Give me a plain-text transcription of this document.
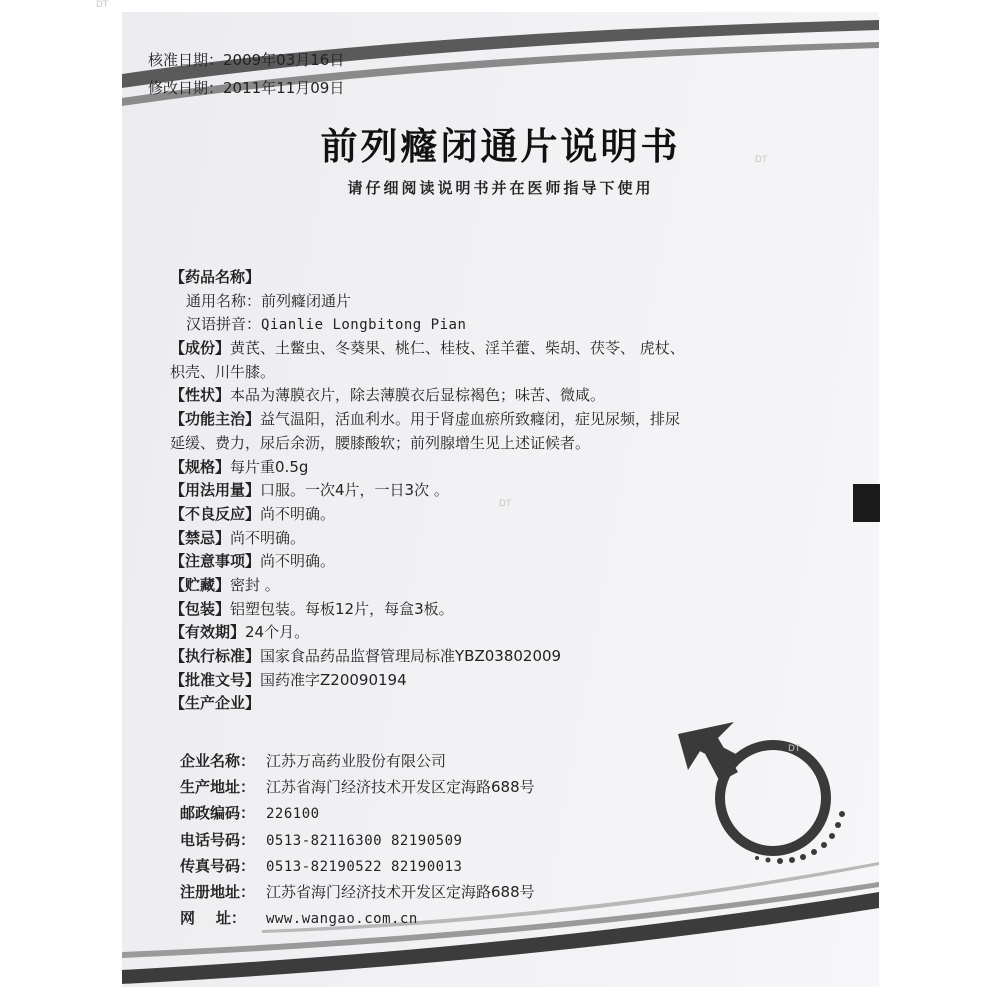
DT
DT
DT
DT
核准日期：2009年03月16日
修改日期：2011年11月09日
前列癃闭通片说明书
请仔细阅读说明书并在医师指导下使用
【药品名称】
通用名称：前列癃闭通片
汉语拼音：Qianlie Longbitong Pian
【成份】黄芪、土鳖虫、冬葵果、桃仁、桂枝、淫羊藿、柴胡、茯苓、 虎杖、
枳壳、川牛膝。
【性状】本品为薄膜衣片，除去薄膜衣后显棕褐色；味苦、微咸。
【功能主治】益气温阳，活血利水。用于肾虚血瘀所致癃闭，症见尿频，排尿
延缓、费力，尿后余沥，腰膝酸软；前列腺增生见上述证候者。
【规格】每片重0.5g
【用法用量】口服。一次4片，一日3次 。
【不良反应】尚不明确。
【禁忌】尚不明确。
【注意事项】尚不明确。
【贮藏】密封 。
【包装】铝塑包装。每板12片，每盒3板。
【有效期】24个月。
【执行标准】国家食品药品监督管理局标准YBZ03802009
【批准文号】国药准字Z20090194
【生产企业】
企业名称： 江苏万高药业股份有限公司
生产地址： 江苏省海门经济技术开发区定海路688号
邮政编码： 226100
电话号码： 0513-82116300 82190509
传真号码： 0513-82190522 82190013
注册地址： 江苏省海门经济技术开发区定海路688号
网    址： www.wangao.com.cn
